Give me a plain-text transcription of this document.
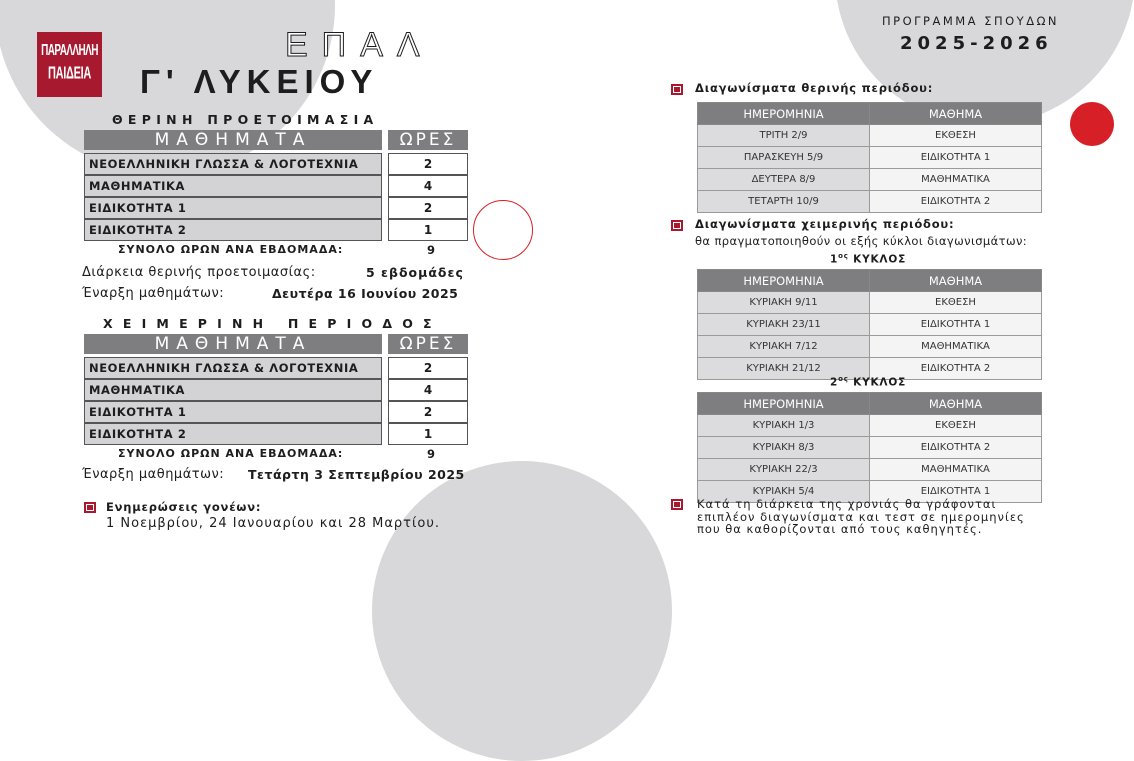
ΠΑΡΑΛΛΗΛΗ
ΠΑΙΔΕΙΑ
ΕΠΑΛ
Γ' ΛΥΚΕΙΟΥ
ΠΡΟΓΡΑΜΜΑ ΣΠΟΥΔΩΝ
2025-2026
ΘΕΡΙΝΗ ΠΡΟΕΤΟΙΜΑΣΙΑ
ΜΑΘΗΜΑΤΑ		ΩΡΕΣ

ΝΕΟΕΛΛΗΝΙΚΗ ΓΛΩΣΣΑ & ΛΟΓΟΤΕΧΝΙΑ		2
ΜΑΘΗΜΑΤΙΚΑ		4
ΕΙΔΙΚΟΤΗΤΑ 1		2
ΕΙΔΙΚΟΤΗΤΑ 2		1
ΣΥΝΟΛΟ ΩΡΩΝ ΑΝΑ ΕΒΔΟΜΑΔΑ:	9
Διάρκεια θερινής προετοιμασίας:	5 εβδομάδες
Έναρξη μαθημάτων:	Δευτέρα 16 Ιουνίου 2025
ΧΕΙΜΕΡΙΝΗ ΠΕΡΙΟΔΟΣ
ΜΑΘΗΜΑΤΑ		ΩΡΕΣ

ΝΕΟΕΛΛΗΝΙΚΗ ΓΛΩΣΣΑ & ΛΟΓΟΤΕΧΝΙΑ		2
ΜΑΘΗΜΑΤΙΚΑ		4
ΕΙΔΙΚΟΤΗΤΑ 1		2
ΕΙΔΙΚΟΤΗΤΑ 2		1
ΣΥΝΟΛΟ ΩΡΩΝ ΑΝΑ ΕΒΔΟΜΑΔΑ:	9
Έναρξη μαθημάτων: Τετάρτη 3 Σεπτεμβρίου 2025
Ενημερώσεις γονέων:
1 Νοεμβρίου, 24 Ιανουαρίου και 28 Μαρτίου.
Διαγωνίσματα θερινής περιόδου:
ΗΜΕΡΟΜΗΝΙΑ	ΜΑΘΗΜΑ
ΤΡΙΤΗ 2/9	ΕΚΘΕΣΗ
ΠΑΡΑΣΚΕΥΗ 5/9	ΕΙΔΙΚΟΤΗΤΑ 1
ΔΕΥΤΕΡΑ 8/9	ΜΑΘΗΜΑΤΙΚΑ
ΤΕΤΑΡΤΗ 10/9	ΕΙΔΙΚΟΤΗΤΑ 2
Διαγωνίσματα χειμερινής περιόδου:
θα πραγματοποιηθούν οι εξής κύκλοι διαγωνισμάτων:
$1^{o\varsigma}$ ΚΥΚΛΟΣ
ΗΜΕΡΟΜΗΝΙΑ	ΜΑΘΗΜΑ
ΚΥΡΙΑΚΗ 9/11	ΕΚΘΕΣΗ
ΚΥΡΙΑΚΗ 23/11	ΕΙΔΙΚΟΤΗΤΑ 1
ΚΥΡΙΑΚΗ 7/12	ΜΑΘΗΜΑΤΙΚΑ
ΚΥΡΙΑΚΗ 21/12	ΕΙΔΙΚΟΤΗΤΑ 2
$2^{o\varsigma}$ ΚΥΚΛΟΣ
ΗΜΕΡΟΜΗΝΙΑ	ΜΑΘΗΜΑ
ΚΥΡΙΑΚΗ 1/3	ΕΚΘΕΣΗ
ΚΥΡΙΑΚΗ 8/3	ΕΙΔΙΚΟΤΗΤΑ 2
ΚΥΡΙΑΚΗ 22/3	ΜΑΘΗΜΑΤΙΚΑ
ΚΥΡΙΑΚΗ 5/4	ΕΙΔΙΚΟΤΗΤΑ 1
Κατά τη διάρκεια της χρονιάς θα γράφονται επιπλέον διαγωνίσματα και τεστ σε ημερομηνίες που θα καθορίζονται από τους καθηγητές.
